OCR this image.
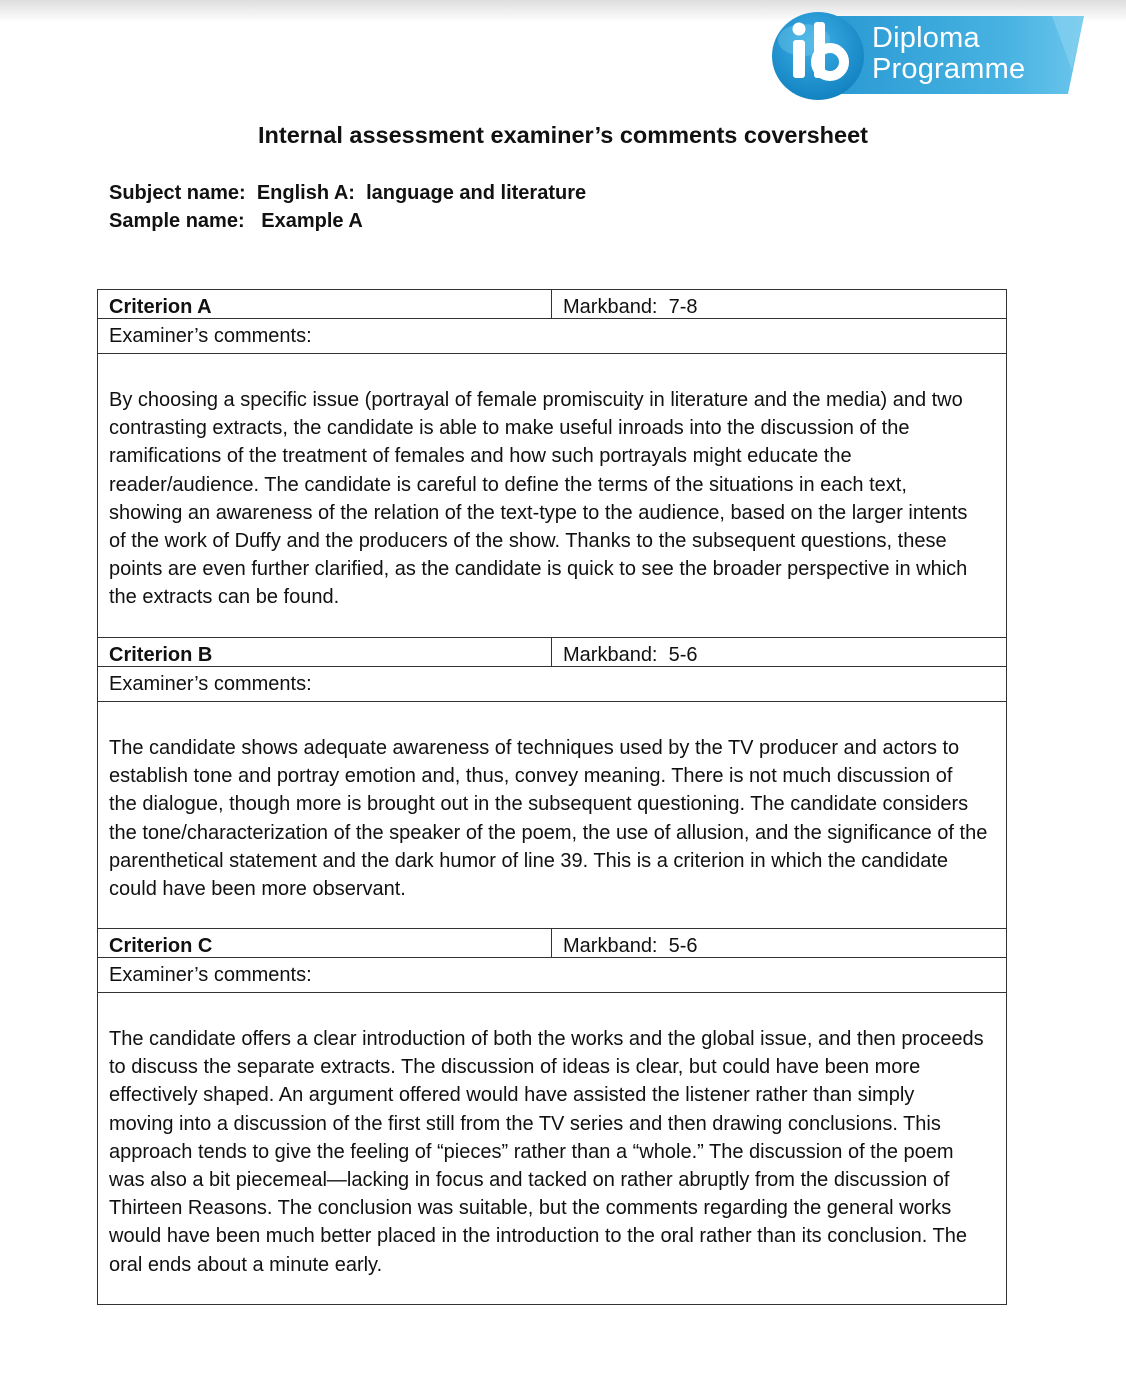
Diploma
Programme
Internal assessment examiner’s comments coversheet
Subject name:  English A:  language and literature
Sample name:   Example A
Criterion A	Markband:  7-8
Examiner’s comments:
By choosing a specific issue (portrayal of female promiscuity in literature and the media) and two
contrasting extracts, the candidate is able to make useful inroads into the discussion of the
ramifications of the treatment of females and how such portrayals might educate the
reader/audience. The candidate is careful to define the terms of the situations in each text,
showing an awareness of the relation of the text-type to the audience, based on the larger intents
of the work of Duffy and the producers of the show. Thanks to the subsequent questions, these
points are even further clarified, as the candidate is quick to see the broader perspective in which
the extracts can be found.
Criterion B	Markband:  5-6
Examiner’s comments:
The candidate shows adequate awareness of techniques used by the TV producer and actors to
establish tone and portray emotion and, thus, convey meaning. There is not much discussion of
the dialogue, though more is brought out in the subsequent questioning. The candidate considers
the tone/characterization of the speaker of the poem, the use of allusion, and the significance of the
parenthetical statement and the dark humor of line 39. This is a criterion in which the candidate
could have been more observant.
Criterion C	Markband:  5-6
Examiner’s comments:
The candidate offers a clear introduction of both the works and the global issue, and then proceeds
to discuss the separate extracts. The discussion of ideas is clear, but could have been more
effectively shaped. An argument offered would have assisted the listener rather than simply
moving into a discussion of the first still from the TV series and then drawing conclusions. This
approach tends to give the feeling of “pieces” rather than a “whole.” The discussion of the poem
was also a bit piecemeal—lacking in focus and tacked on rather abruptly from the discussion of
Thirteen Reasons. The conclusion was suitable, but the comments regarding the general works
would have been much better placed in the introduction to the oral rather than its conclusion. The
oral ends about a minute early.
